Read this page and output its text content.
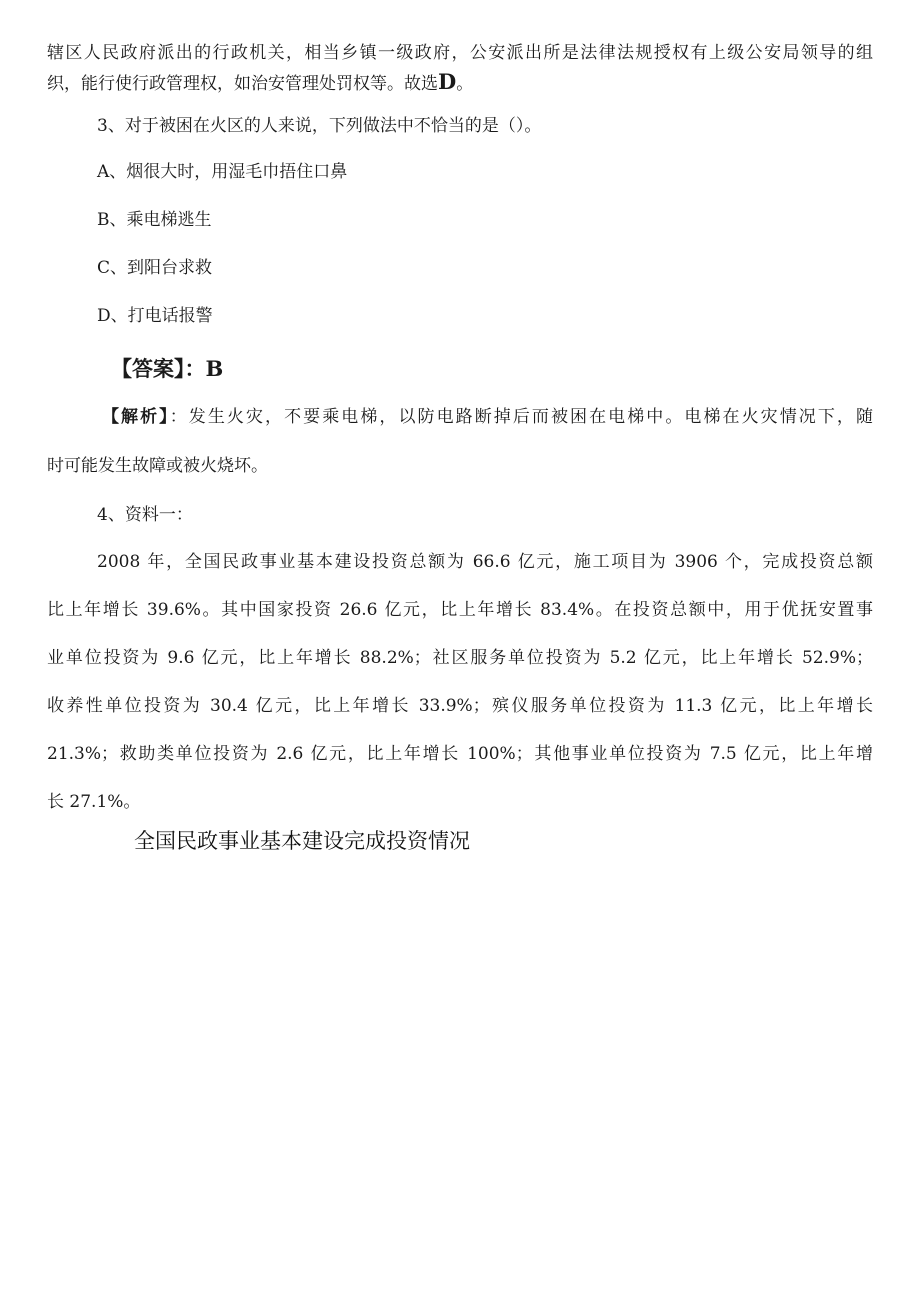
辖区人民政府派出的行政机关，相当乡镇一级政府，公安派出所是法律法规授权有上级公安局领导的组
织，能行使行政管理权，如治安管理处罚权等。故选D。
3、对于被困在火区的人来说，下列做法中不恰当的是（）。
A、烟很大时，用湿毛巾捂住口鼻
B、乘电梯逃生
C、到阳台求救
D、打电话报警
【答案】：B
【解析】：发生火灾，不要乘电梯，以防电路断掉后而被困在电梯中。电梯在火灾情况下，随
时可能发生故障或被火烧坏。
4、资料一：
2008 年，全国民政事业基本建设投资总额为 66.6 亿元，施工项目为 3906 个，完成投资总额
比上年增长 39.6%。其中国家投资 26.6 亿元，比上年增长 83.4%。在投资总额中，用于优抚安置事
业单位投资为 9.6 亿元，比上年增长 88.2%；社区服务单位投资为 5.2 亿元，比上年增长 52.9%；
收养性单位投资为 30.4 亿元，比上年增长 33.9%；殡仪服务单位投资为 11.3 亿元，比上年增长
21.3%；救助类单位投资为 2.6 亿元，比上年增长 100%；其他事业单位投资为 7.5 亿元，比上年增
长 27.1%。
全国民政事业基本建设完成投资情况
